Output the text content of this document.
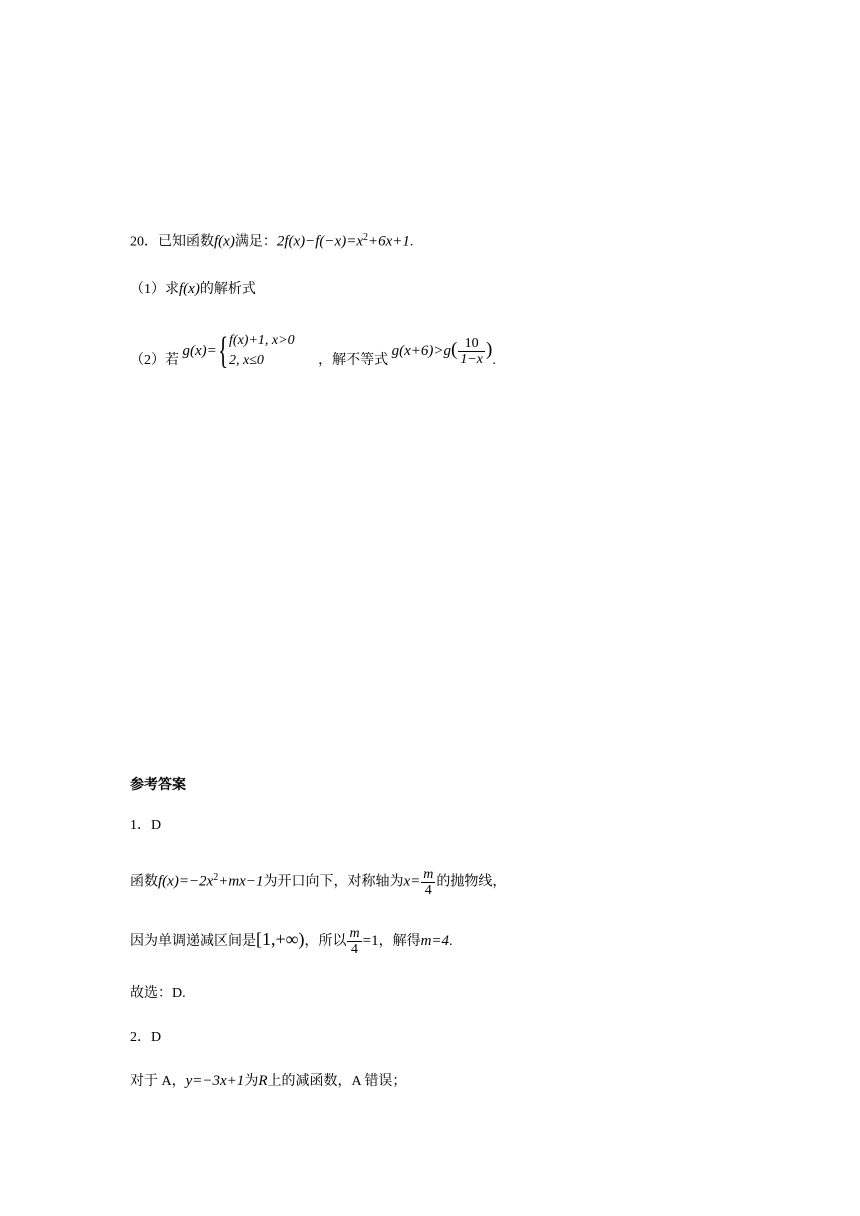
20．已知函数f(x)满足：$2f(x)-f(-x)=x^2+6x+1$.
（1）求f(x)的解析式
（2）若 g(x)={ f(x)+1, x>0
2, x≤0	，解不等式 $g(x+6)>g( \frac{10}{1-x}$ ).
参考答案
1．D
函数$f(x)=-2x^2+mx-1$为开口向下，对称轴为$x= \frac{m}{4}$ 的抛物线，
因为单调递减区间是[1,+∞)，所以 $\frac{m}{4} =1$，解得m=4.
故选：D.
2．D
对于 A，y=−3x+1为R上的减函数，A 错误；
